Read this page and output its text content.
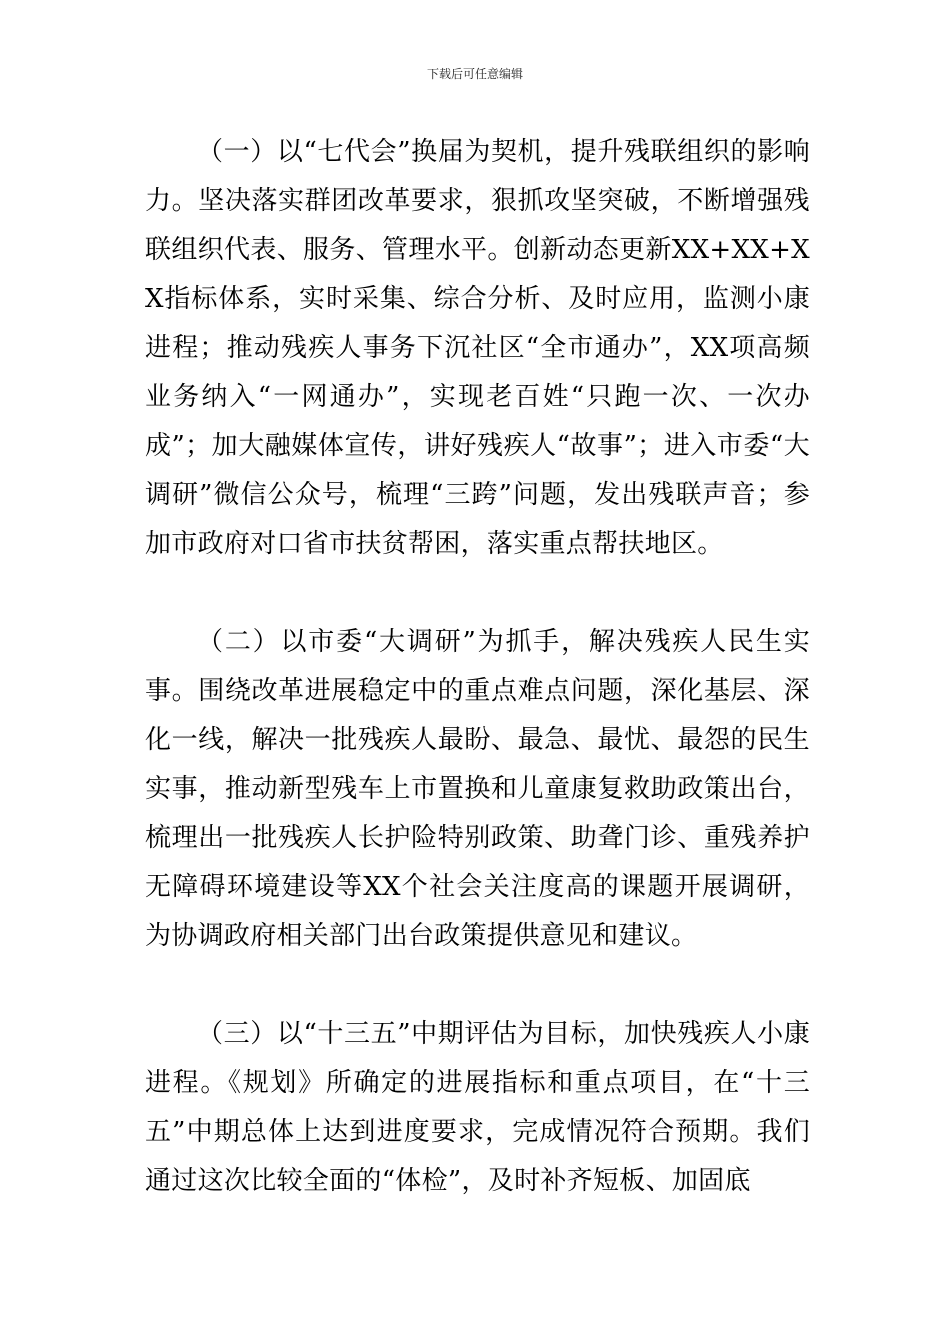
下载后可任意编辑

（一）以“七代会”换届为契机，提升残联组织的影响力。坚决落实群团改革要求，狠抓攻坚突破，不断增强残联组织代表、服务、管理水平。创新动态更新XX+XX+XX指标体系，实时采集、综合分析、及时应用，监测小康进程；推动残疾人事务下沉社区“全市通办”，XX项高频业务纳入“一网通办”，实现老百姓“只跑一次、一次办成”；加大融媒体宣传，讲好残疾人“故事”；进入市委“大调研”微信公众号，梳理“三跨”问题，发出残联声音；参加市政府对口省市扶贫帮困，落实重点帮扶地区。

（二）以市委“大调研”为抓手，解决残疾人民生实事。围绕改革进展稳定中的重点难点问题，深化基层、深化一线，解决一批残疾人最盼、最急、最忧、最怨的民生实事，推动新型残车上市置换和儿童康复救助政策出台，梳理出一批残疾人长护险特别政策、助聋门诊、重残养护无障碍环境建设等XX个社会关注度高的课题开展调研，为协调政府相关部门出台政策提供意见和建议。

（三）以“十三五”中期评估为目标，加快残疾人小康进程。《规划》所确定的进展指标和重点项目，在“十三五”中期总体上达到进度要求，完成情况符合预期。我们通过这次比较全面的“体检”，及时补齐短板、加固底
